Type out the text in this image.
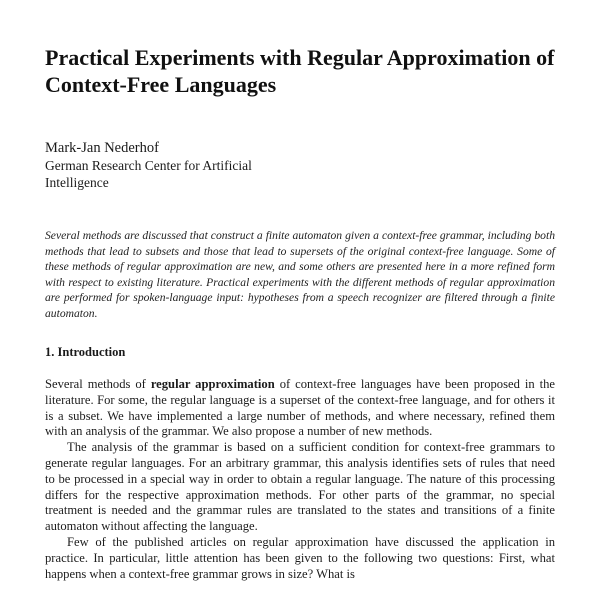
Practical Experiments with Regular Approximation of Context-Free Languages
Mark-Jan Nederhof
German Research Center for Artificial Intelligence

Several methods are discussed that construct a finite automaton given a context-free grammar, including both methods that lead to subsets and those that lead to supersets of the original context-free language. Some of these methods of regular approximation are new, and some others are presented here in a more refined form with respect to existing literature. Practical experiments with the different methods of regular approximation are performed for spoken-language input: hypotheses from a speech recognizer are filtered through a finite automaton.

1. Introduction

Several methods of regular approximation of context-free languages have been proposed in the literature. For some, the regular language is a superset of the context-free language, and for others it is a subset. We have implemented a large number of methods, and where necessary, refined them with an analysis of the grammar. We also propose a number of new methods.

The analysis of the grammar is based on a sufficient condition for context-free grammars to generate regular languages. For an arbitrary grammar, this analysis identifies sets of rules that need to be processed in a special way in order to obtain a regular language. The nature of this processing differs for the respective approximation methods. For other parts of the grammar, no special treatment is needed and the grammar rules are translated to the states and transitions of a finite automaton without affecting the language.

Few of the published articles on regular approximation have discussed the application in practice. In particular, little attention has been given to the following two questions: First, what happens when a context-free grammar grows in size? What is
